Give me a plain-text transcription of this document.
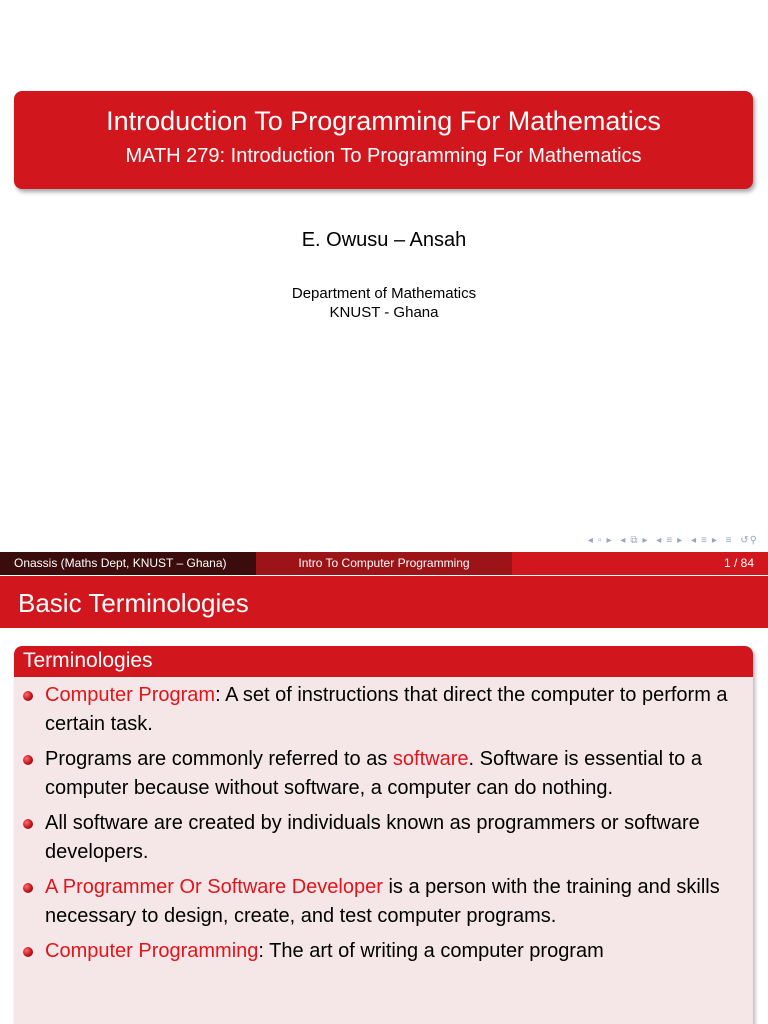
Introduction To Programming For Mathematics
MATH 279: Introduction To Programming For Mathematics
E. Owusu – Ansah
Department of Mathematics
KNUST - Ghana
◂ ▫ ▸ ◂ ⧉ ▸ ◂ ≡ ▸ ◂ ≡ ▸ ≡ ↺⚲
Onassis (Maths Dept, KNUST – Ghana)	Intro To Computer Programming	1 / 84
Basic Terminologies
Terminologies
Computer Program: A set of instructions that direct the computer to perform a certain task.
Programs are commonly referred to as software. Software is essential to a computer because without software, a computer can do nothing.
All software are created by individuals known as programmers or software developers.
A Programmer Or Software Developer is a person with the training and skills necessary to design, create, and test computer programs.
Computer Programming: The art of writing a computer program
